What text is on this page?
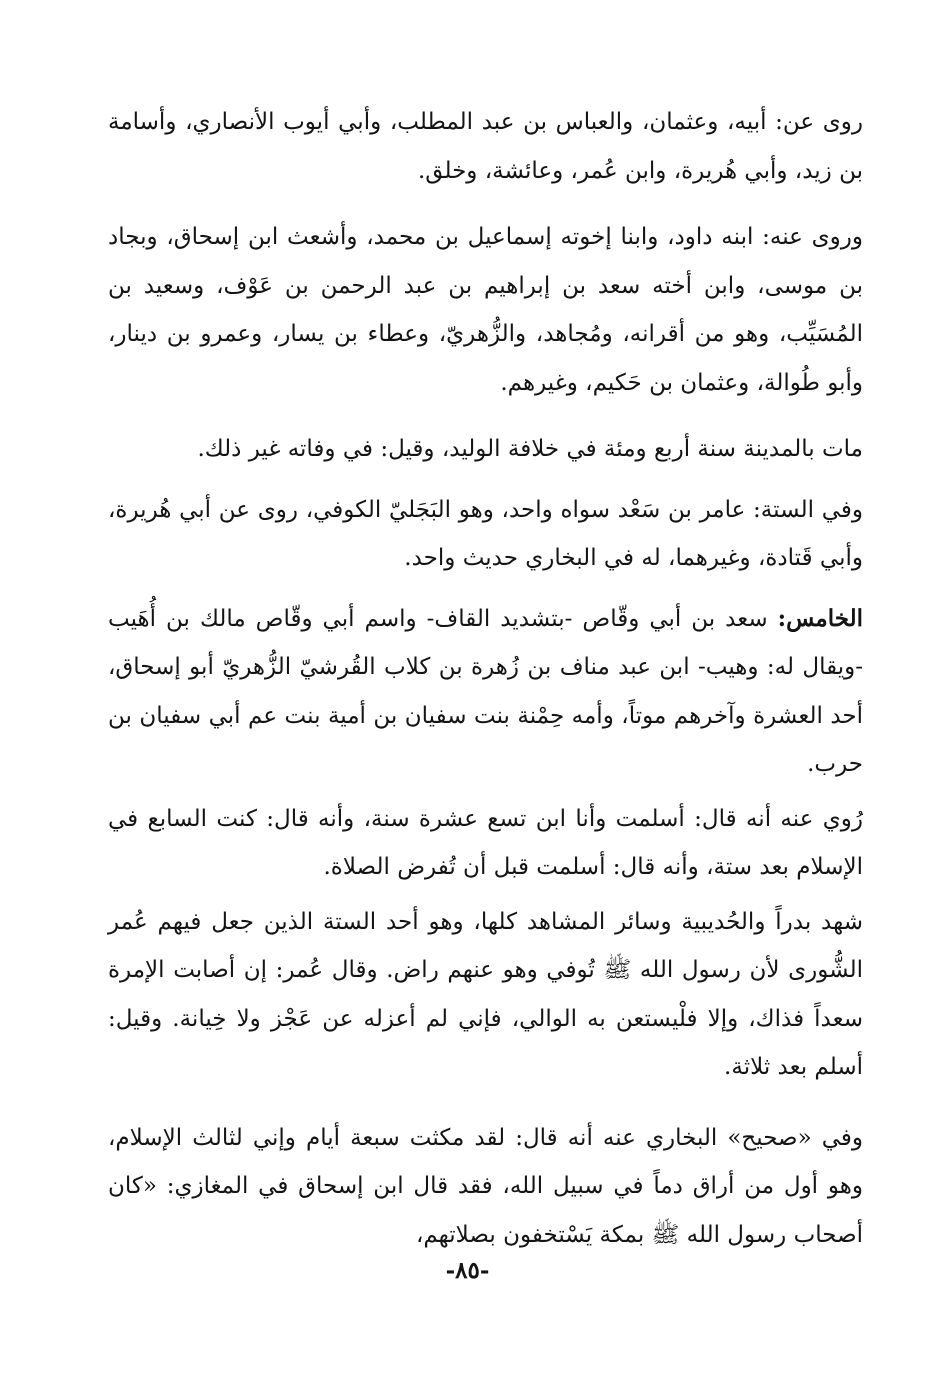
روى عن: أبيه، وعثمان، والعباس بن عبد المطلب، وأبي أيوب الأنصاري، وأسامة بن زيد، وأبي هُريرة، وابن عُمر، وعائشة، وخلق.

وروى عنه: ابنه داود، وابنا إخوته إسماعيل بن محمد، وأشعث ابن إسحاق، وبجاد بن موسى، وابن أخته سعد بن إبراهيم بن عبد الرحمن بن عَوْف، وسعيد بن المُسَيِّب، وهو من أقرانه، ومُجاهد، والزُّهريّ، وعطاء بن يسار، وعمرو بن دينار، وأبو طُوالة، وعثمان بن حَكيم، وغيرهم.

مات بالمدينة سنة أربع ومئة في خلافة الوليد، وقيل: في وفاته غير ذلك.

وفي الستة: عامر بن سَعْد سواه واحد، وهو البَجَليّ الكوفي، روى عن أبي هُريرة، وأبي قَتادة، وغيرهما، له في البخاري حديث واحد.

الخامس: سعد بن أبي وقّاص -بتشديد القاف- واسم أبي وقّاص مالك بن أُهَيب -ويقال له: وهيب- ابن عبد مناف بن زُهرة بن كلاب القُرشيّ الزُّهريّ أبو إسحاق، أحد العشرة وآخرهم موتاً، وأمه حِمْنة بنت سفيان بن أمية بنت عم أبي سفيان بن حرب.

رُوي عنه أنه قال: أسلمت وأنا ابن تسع عشرة سنة، وأنه قال: كنت السابع في الإسلام بعد ستة، وأنه قال: أسلمت قبل أن تُفرض الصلاة.

شهد بدراً والحُديبية وسائر المشاهد كلها، وهو أحد الستة الذين جعل فيهم عُمر الشُّورى لأن رسول الله ﷺ تُوفي وهو عنهم راض. وقال عُمر: إن أصابت الإمرة سعداً فذاك، وإلا فلْيستعن به الوالي، فإني لم أعزله عن عَجْز ولا خِيانة. وقيل: أسلم بعد ثلاثة.

وفي «صحيح» البخاري عنه أنه قال: لقد مكثت سبعة أيام وإني لثالث الإسلام، وهو أول من أراق دماً في سبيل الله، فقد قال ابن إسحاق في المغازي: «كان أصحاب رسول الله ﷺ بمكة يَسْتخفون بصلاتهم،

-٨٥-
